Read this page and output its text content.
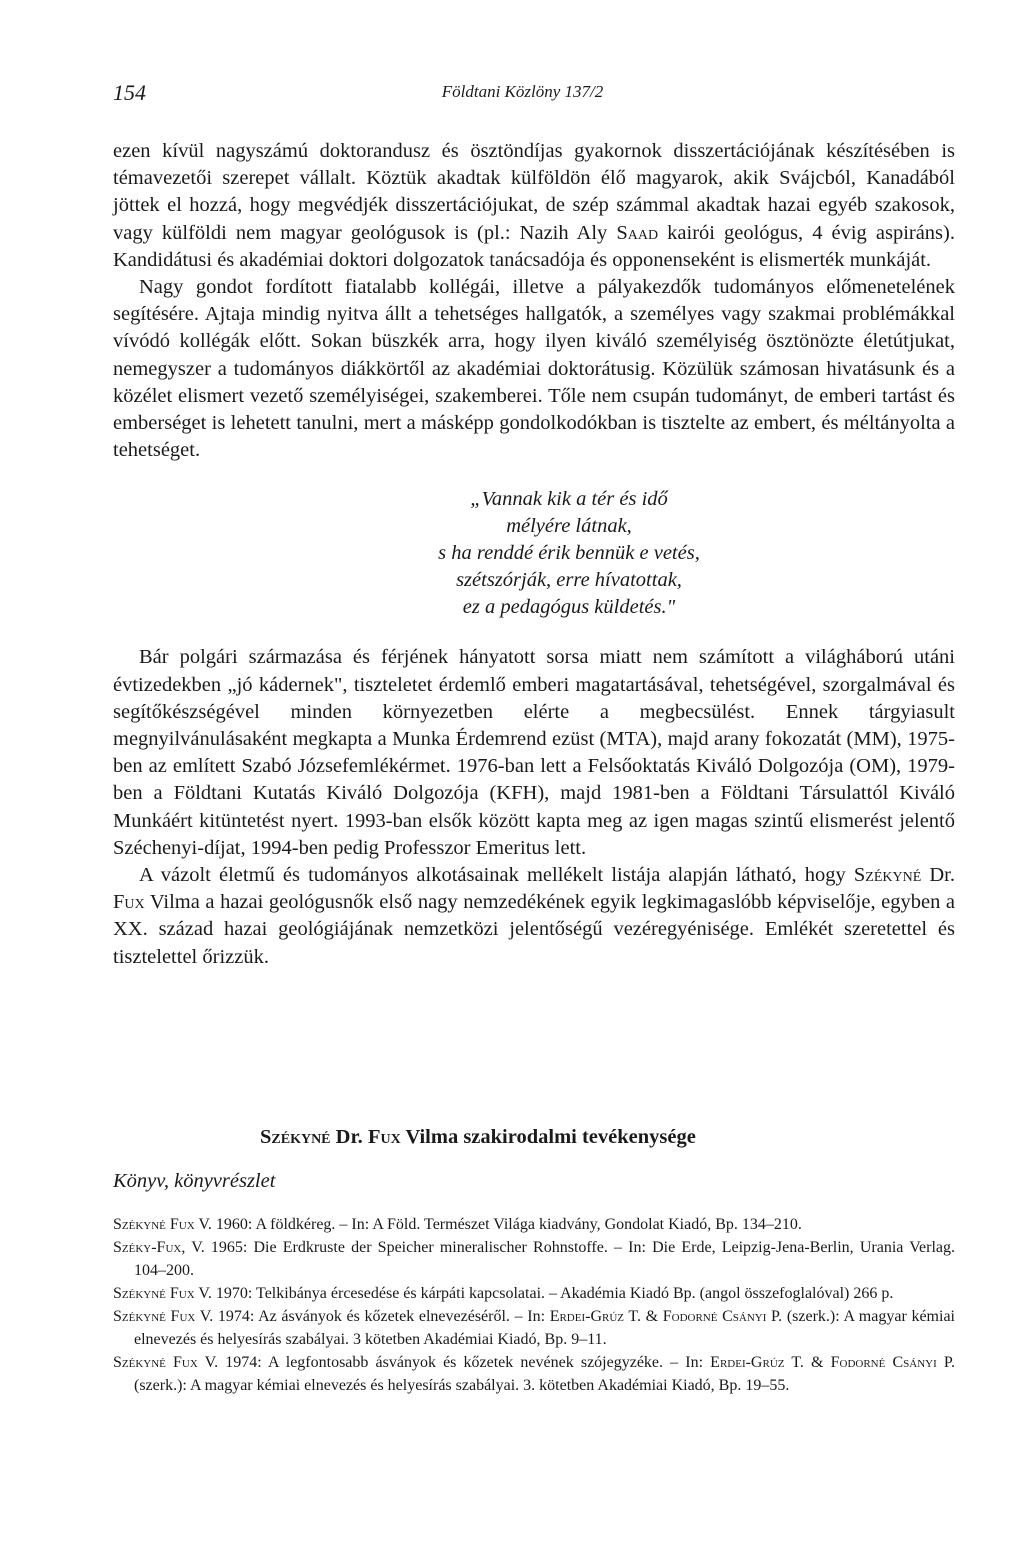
154	Földtani Közlöny 137/2

ezen kívül nagyszámú doktorandusz és ösztöndíjas gyakornok disszertációjának készítésében is témavezetői szerepet vállalt. Köztük akadtak külföldön élő magyarok, akik Svájcból, Kanadából jöttek el hozzá, hogy megvédjék disszertációjukat, de szép számmal akadtak hazai egyéb szakosok, vagy külföldi nem magyar geológusok is (pl.: Nazih Aly Saad kairói geológus, 4 évig aspiráns). Kandidátusi és akadémiai doktori dolgozatok tanácsadója és opponenseként is elismerték munkáját.

Nagy gondot fordított fiatalabb kollégái, illetve a pályakezdők tudományos előmenetelének segítésére. Ajtaja mindig nyitva állt a tehetséges hallgatók, a személyes vagy szakmai problémákkal vívódó kollégák előtt. Sokan büszkék arra, hogy ilyen kiváló személyiség ösztönözte életútjukat, nemegyszer a tudományos diákkörtől az akadémiai doktorátusig. Közülük számosan hivatásunk és a közélet elismert vezető személyiségei, szakemberei. Tőle nem csupán tudományt, de emberi tartást és emberséget is lehetett tanulni, mert a másképp gondolkodókban is tisztelte az embert, és méltányolta a tehetséget.

„Vannak kik a tér és idő
mélyére látnak,
s ha renddé érik bennük e vetés,
szétszórják, erre hívatottak,
ez a pedagógus küldetés."

Bár polgári származása és férjének hányatott sorsa miatt nem számított a világháború utáni évtizedekben „jó kádernek", tiszteletet érdemlő emberi magatartásával, tehetségével, szorgalmával és segítőkészségével minden környezetben elérte a megbecsülést. Ennek tárgyiasult megnyilvánulásaként megkapta a Munka Érdemrend ezüst (MTA), majd arany fokozatát (MM), 1975-ben az említett Szabó Józsefemlékérmet. 1976-ban lett a Felsőoktatás Kiváló Dolgozója (OM), 1979-ben a Földtani Kutatás Kiváló Dolgozója (KFH), majd 1981-ben a Földtani Társulattól Kiváló Munkáért kitüntetést nyert. 1993-ban elsők között kapta meg az igen magas szintű elismerést jelentő Széchenyi-díjat, 1994-ben pedig Professzor Emeritus lett.

A vázolt életmű és tudományos alkotásainak mellékelt listája alapján látható, hogy Székyné Dr. Fux Vilma a hazai geológusnők első nagy nemzedékének egyik legkimagaslóbb képviselője, egyben a XX. század hazai geológiájának nemzetközi jelentőségű vezéregyénisége. Emlékét szeretettel és tisztelettel őrizzük.

Székyné Dr. Fux Vilma szakirodalmi tevékenysége
Könyv, könyvrészlet

Székyné Fux V. 1960: A földkéreg. – In: A Föld. Természet Világa kiadvány, Gondolat Kiadó, Bp. 134–210.

Széky-Fux, V. 1965: Die Erdkruste der Speicher mineralischer Rohnstoffe. – In: Die Erde, Leipzig-Jena-Berlin, Urania Verlag. 104–200.

Székyné Fux V. 1970: Telkibánya ércesedése és kárpáti kapcsolatai. – Akadémia Kiadó Bp. (angol összefoglalóval) 266 p.

Székyné Fux V. 1974: Az ásványok és kőzetek elnevezéséről. – In: Erdei-Grúz T. & Fodorné Csányi P. (szerk.): A magyar kémiai elnevezés és helyesírás szabályai. 3 kötetben Akadémiai Kiadó, Bp. 9–11.

Székyné Fux V. 1974: A legfontosabb ásványok és kőzetek nevének szójegyzéke. – In: Erdei-Grúz T. & Fodorné Csányi P. (szerk.): A magyar kémiai elnevezés és helyesírás szabályai. 3. kötetben Akadémiai Kiadó, Bp. 19–55.
